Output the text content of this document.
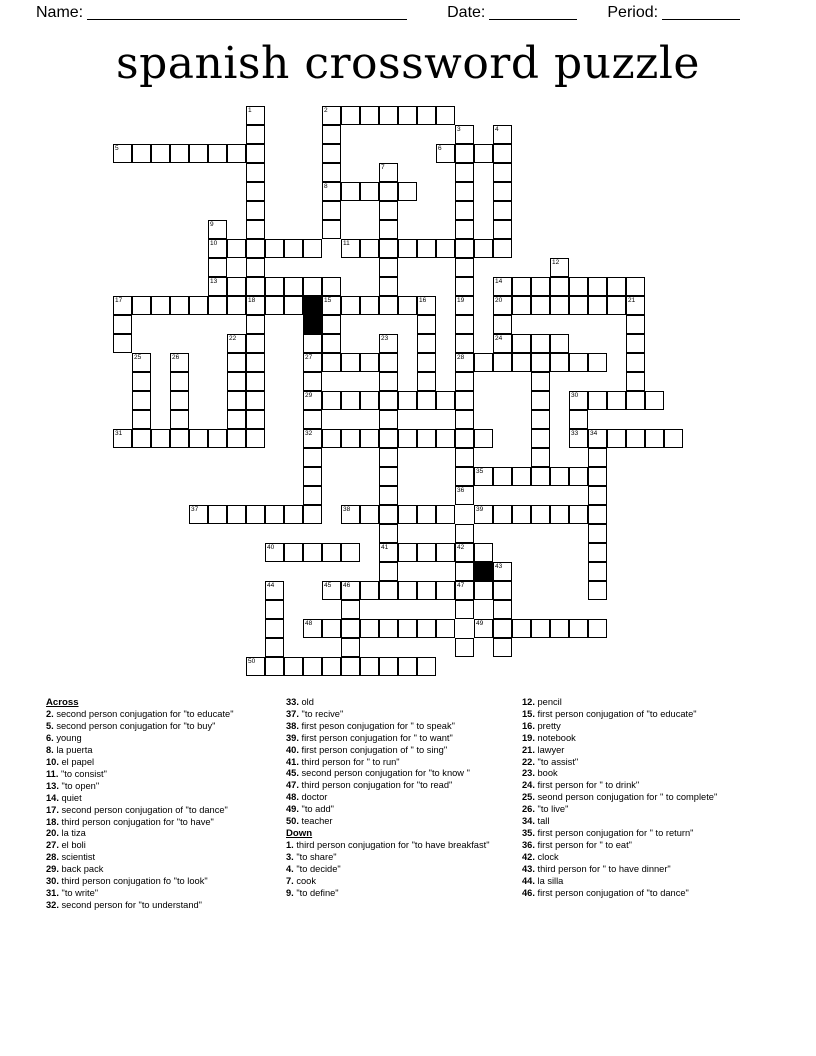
Name:	Date:	Period:
spanish crossword puzzle
1	2
3	4
5	6
7
8
9
10	11
12
13	14
17	18	15	16	19	20	21
22	23	24
25	26	27	28
29	30
31	32	33 34
35
36
37	38	39
40	41	42
43
44	45 46	47
48	49
50
Across
2. second person conjugation for "to educate"
5. second person conjugation for "to buy"
6. young
8. la puerta
10. el papel
11. "to consist"
13. "to open"
14. quiet
17. second person conjugation of "to dance"
18. third person conjugation for "to have"
20. la tiza
27. el boli
28. scientist
29. back pack
30. third person conjugation fo "to look"
31. "to write"
32. second person for "to understand"
33. old
37. "to recive"
38. first peson conjugation for " to speak"
39. first person conjugation for " to want"
40. first person conjugation of " to sing"
41. third person for " to run"
45. second person conjugation for "to know "
47. third person conjugation for "to read"
48. doctor
49. "to add"
50. teacher
Down
1. third person conjugation for "to have breakfast"
3. "to share"
4. "to decide"
7. cook
9. "to define"
12. pencil
15. first person conjugation of "to educate"
16. pretty
19. notebook
21. lawyer
22. "to assist"
23. book
24. first person for " to drink"
25. seond person conjugation for " to complete"
26. "to live"
34. tall
35. first person conjugation for " to return"
36. first person for " to eat"
42. clock
43. third person for " to have dinner"
44. la silla
46. first person conjugation of "to dance"
